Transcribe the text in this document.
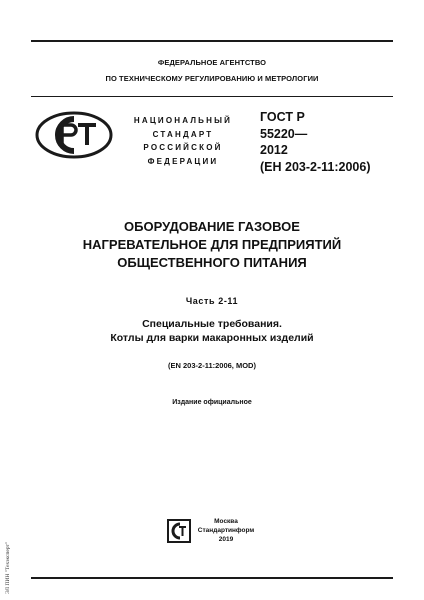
ФЕДЕРАЛЬНОЕ АГЕНТСТВО
ПО ТЕХНИЧЕСКОМУ РЕГУЛИРОВАНИЮ И МЕТРОЛОГИИ
НАЦИОНАЛЬНЫЙ
СТАНДАРТ
РОССИЙСКОЙ
ФЕДЕРАЦИИ
ГОСТ Р
55220—
2012
(ЕН 203-2-11:2006)
ОБОРУДОВАНИЕ ГАЗОВОЕ
НАГРЕВАТЕЛЬНОЕ ДЛЯ ПРЕДПРИЯТИЙ
ОБЩЕСТВЕННОГО ПИТАНИЯ
Часть 2-11
Специальные требования.
Котлы для варки макаронных изделий
(EN 203-2-11:2006, MOD)
Издание официальное
Москва
Стандартинформ
2019
ЭЛ ПИН "Техэксперт"
